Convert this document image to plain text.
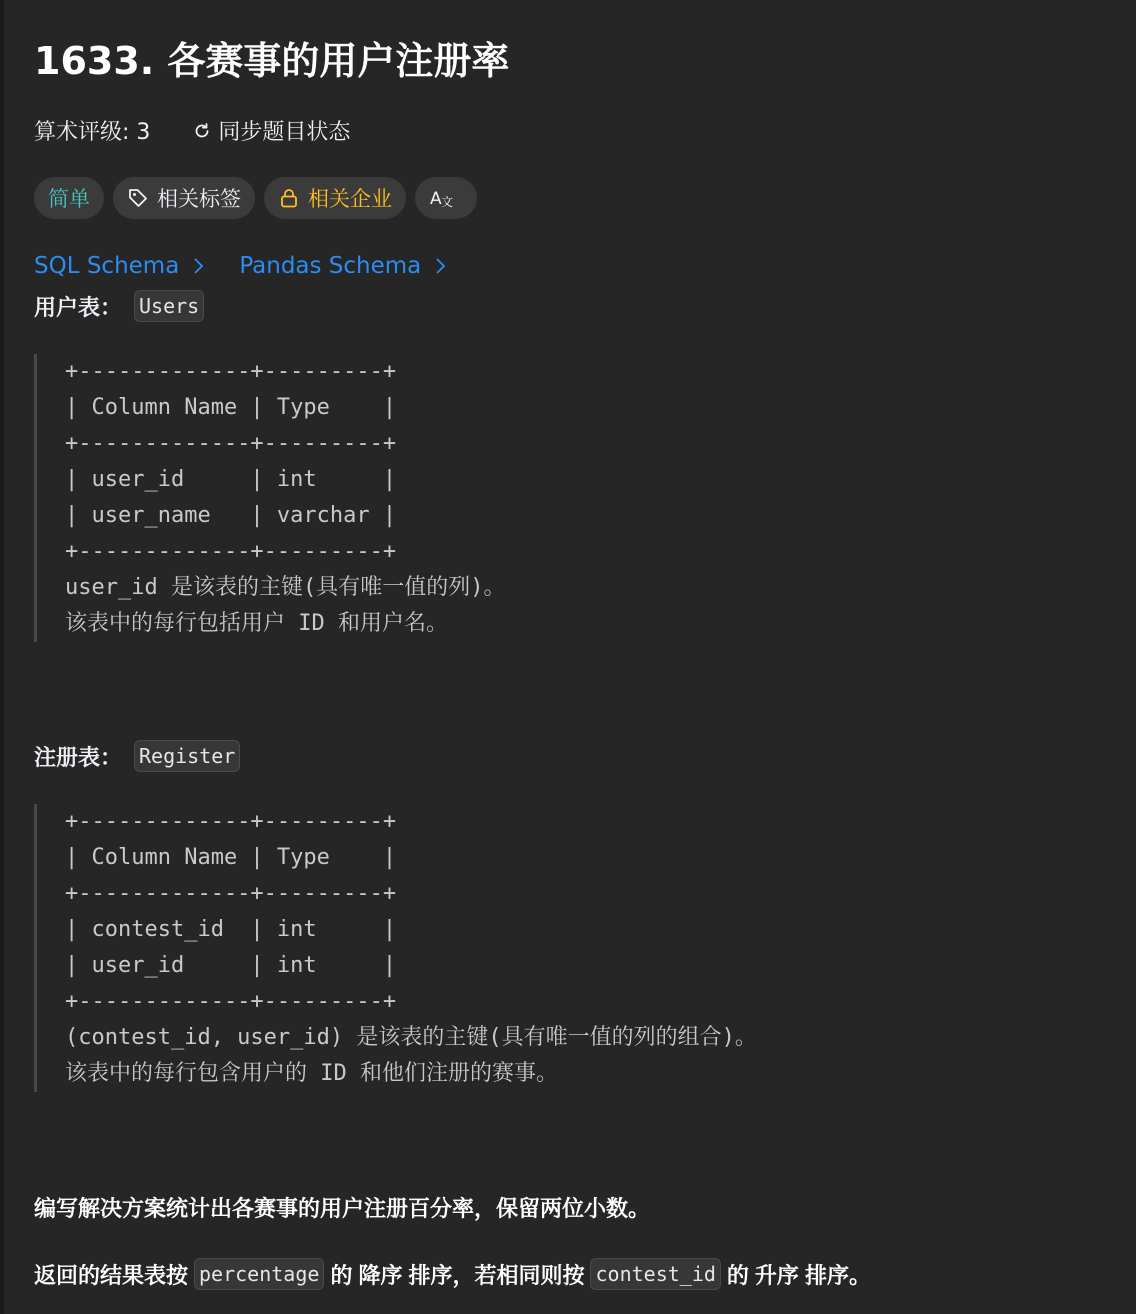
1633. 各赛事的用户注册率
算术评级: 3	同步题目状态
简单	相关标签	相关企业 A 文
SQL Schema	Pandas Schema
用户表： Users
+-------------+---------+
| Column Name | Type    |
+-------------+---------+
| user_id     | int     |
| user_name   | varchar |
+-------------+---------+
user_id 是该表的主键(具有唯一值的列)。
该表中的每行包括用户 ID 和用户名。
注册表： Register
+-------------+---------+
| Column Name | Type    |
+-------------+---------+
| contest_id  | int     |
| user_id     | int     |
+-------------+---------+
(contest_id, user_id) 是该表的主键(具有唯一值的列的组合)。
该表中的每行包含用户的 ID 和他们注册的赛事。
编写解决方案统计出各赛事的用户注册百分率，保留两位小数。
返回的结果表按 percentage 的 降序 排序，若相同则按 contest_id 的 升序 排序。
